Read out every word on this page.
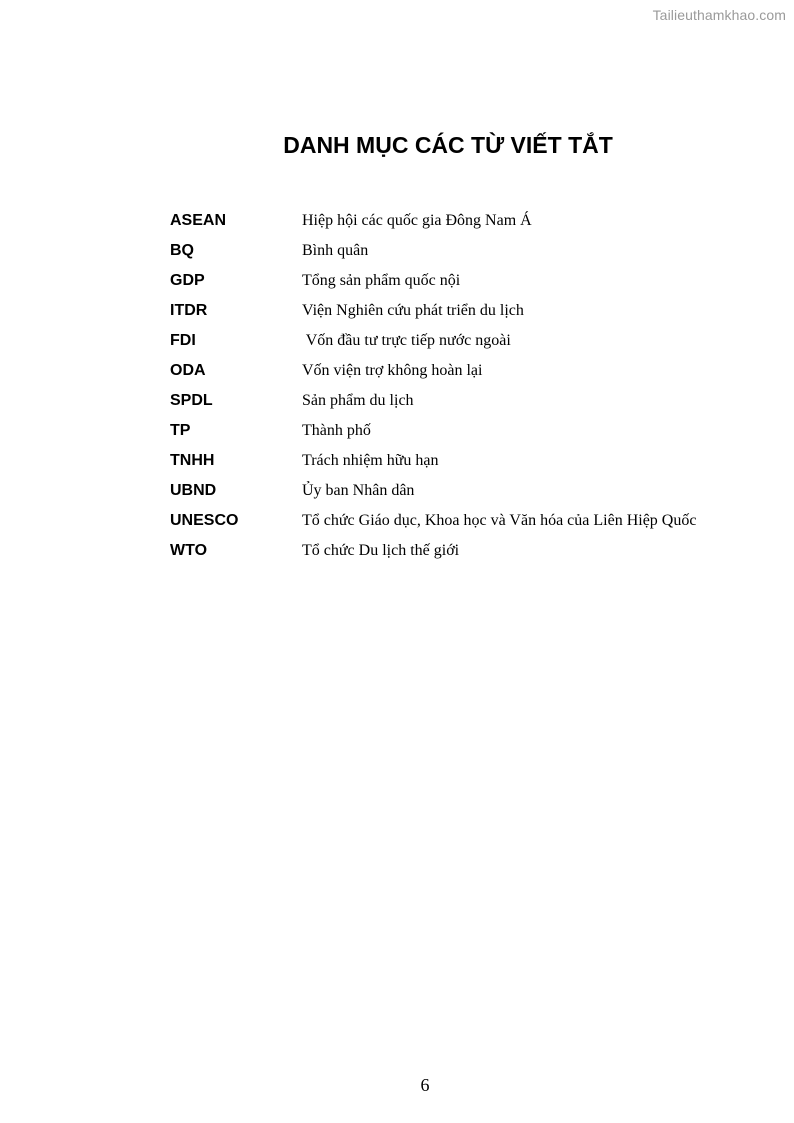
Tailieuthamkhao.com
DANH MỤC CÁC TỪ VIẾT TẮT
ASEAN	Hiệp hội các quốc gia Đông Nam Á
BQ	Bình quân
GDP	Tổng sản phẩm quốc nội
ITDR	Viện Nghiên cứu phát triển du lịch
FDI	Vốn đầu tư trực tiếp nước ngoài
ODA	Vốn viện trợ không hoàn lại
SPDL	Sản phẩm du lịch
TP	Thành phố
TNHH	Trách nhiệm hữu hạn
UBND	Ủy ban Nhân dân
UNESCO	Tổ chức Giáo dục, Khoa học và Văn hóa của Liên Hiệp Quốc
WTO	Tổ chức Du lịch thế giới
6
